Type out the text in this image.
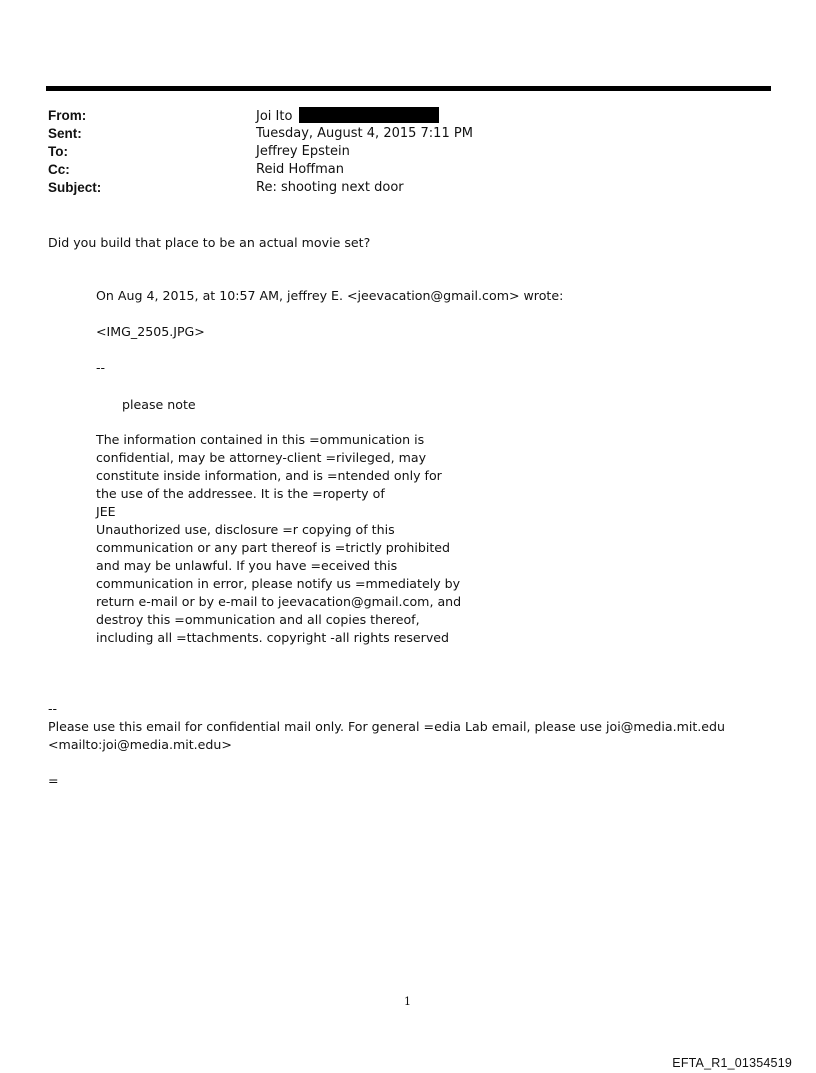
From:	Joi Ito
Sent:	Tuesday, August 4, 2015 7:11 PM
To:	Jeffrey Epstein
Cc:	Reid Hoffman
Subject:	Re: shooting next door
Did you build that place to be an actual movie set?
On Aug 4, 2015, at 10:57 AM, jeffrey E. <jeevacation@gmail.com> wrote:
<IMG_2505.JPG>
--
please note
The information contained in this =ommunication is
confidential, may be attorney-client =rivileged, may
constitute inside information, and is =ntended only for
the use of the addressee. It is the =roperty of
JEE
Unauthorized use, disclosure =r copying of this
communication or any part thereof is =trictly prohibited
and may be unlawful. If you have =eceived this
communication in error, please notify us =mmediately by
return e-mail or by e-mail to jeevacation@gmail.com, and
destroy this =ommunication and all copies thereof,
including all =ttachments. copyright -all rights reserved
--
Please use this email for confidential mail only. For general =edia Lab email, please use joi@media.mit.edu
<mailto:joi@media.mit.edu>
=
1
EFTA_R1_01354519
